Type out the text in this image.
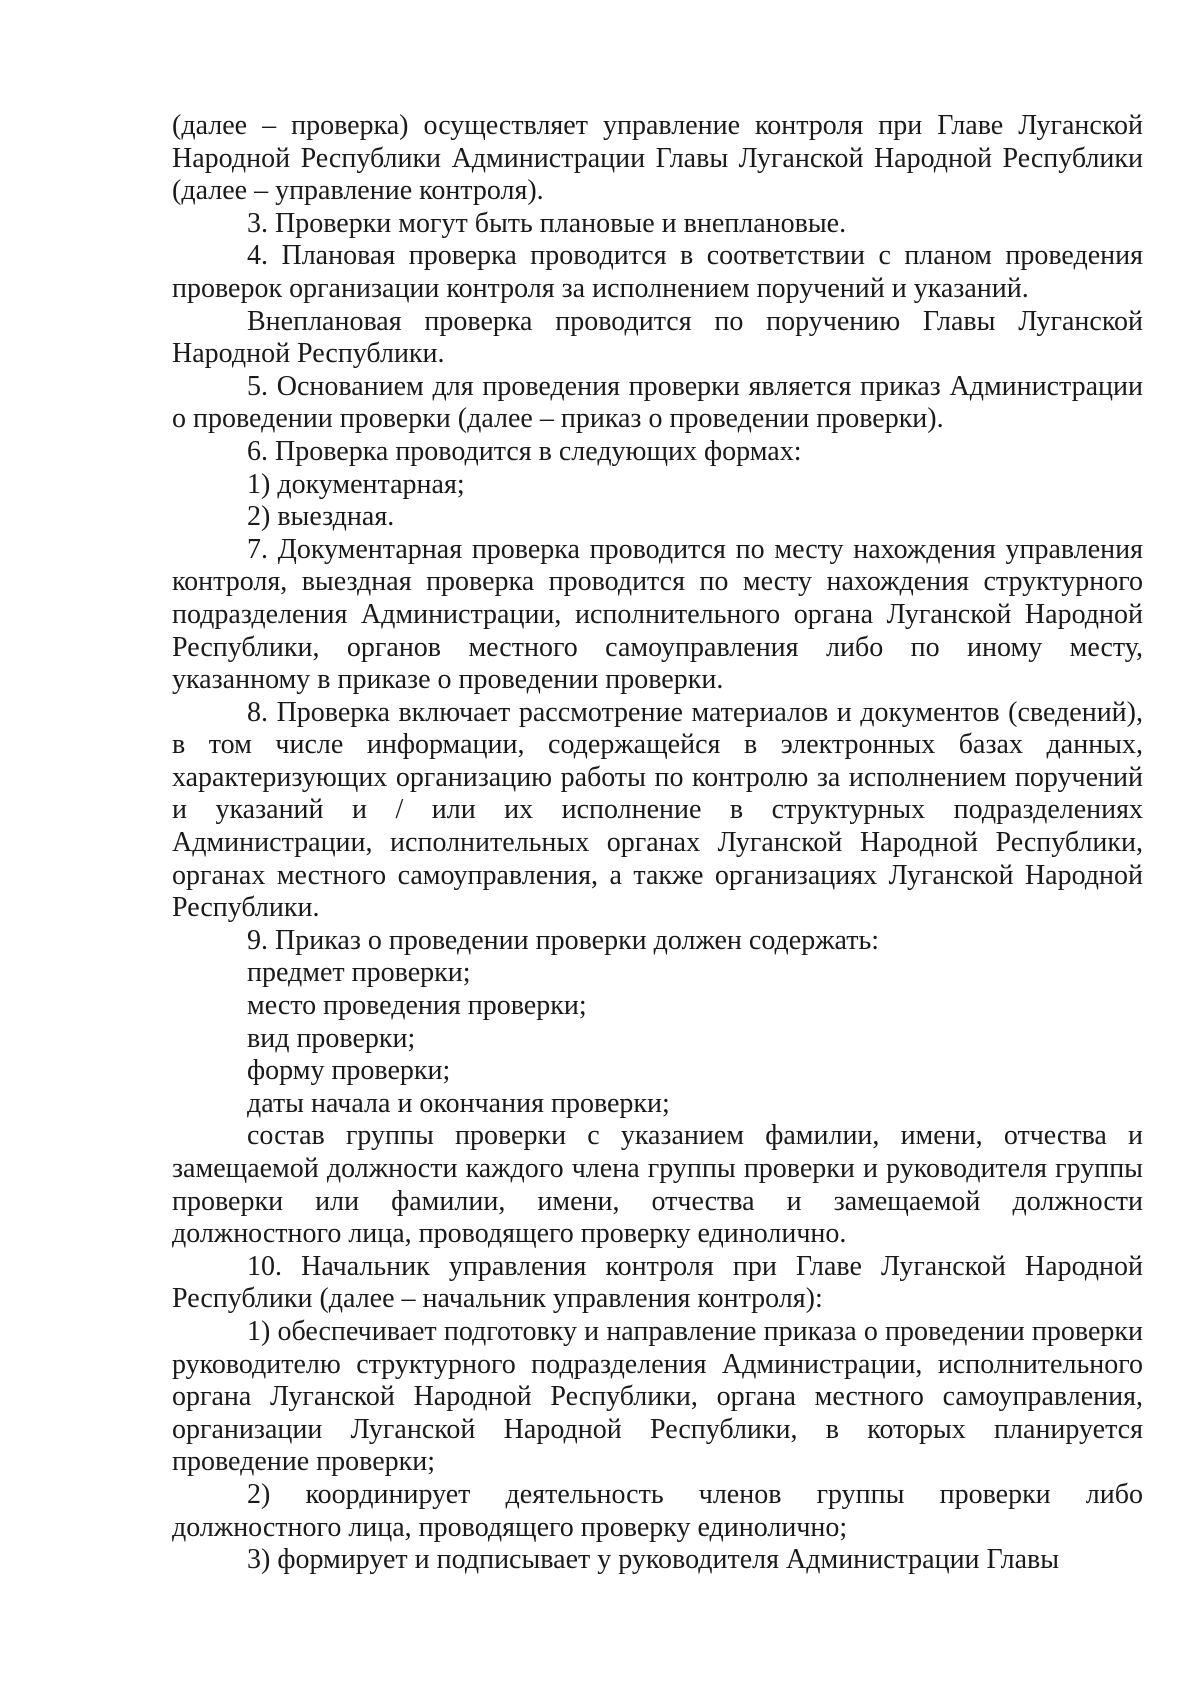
(далее – проверка) осуществляет управление контроля при Главе Луганской Народной Республики Администрации Главы Луганской Народной Республики (далее – управление контроля).

3. Проверки могут быть плановые и внеплановые.

4. Плановая проверка проводится в соответствии с планом проведения проверок организации контроля за исполнением поручений и указаний.

Внеплановая проверка проводится по поручению Главы Луганской Народной Республики.

5. Основанием для проведения проверки является приказ Администрации о проведении проверки (далее – приказ о проведении проверки).

6. Проверка проводится в следующих формах:

1) документарная;

2) выездная.

7. Документарная проверка проводится по месту нахождения управления контроля, выездная проверка проводится по месту нахождения структурного подразделения Администрации, исполнительного органа Луганской Народной Республики, органов местного самоуправления либо по иному месту, указанному в приказе о проведении проверки.

8. Проверка включает рассмотрение материалов и документов (сведений), в том числе информации, содержащейся в электронных базах данных, характеризующих организацию работы по контролю за исполнением поручений и указаний и / или их исполнение в структурных подразделениях Администрации, исполнительных органах Луганской Народной Республики, органах местного самоуправления, а также организациях Луганской Народной Республики.

9. Приказ о проведении проверки должен содержать:

предмет проверки;

место проведения проверки;

вид проверки;

форму проверки;

даты начала и окончания проверки;

состав группы проверки с указанием фамилии, имени, отчества и замещаемой должности каждого члена группы проверки и руководителя группы проверки или фамилии, имени, отчества и замещаемой должности должностного лица, проводящего проверку единолично.

10. Начальник управления контроля при Главе Луганской Народной Республики (далее – начальник управления контроля):

1) обеспечивает подготовку и направление приказа о проведении проверки руководителю структурного подразделения Администрации, исполнительного органа Луганской Народной Республики, органа местного самоуправления, организации Луганской Народной Республики, в которых планируется проведение проверки;

2) координирует деятельность членов группы проверки либо должностного лица, проводящего проверку единолично;

3) формирует и подписывает у руководителя Администрации Главы
